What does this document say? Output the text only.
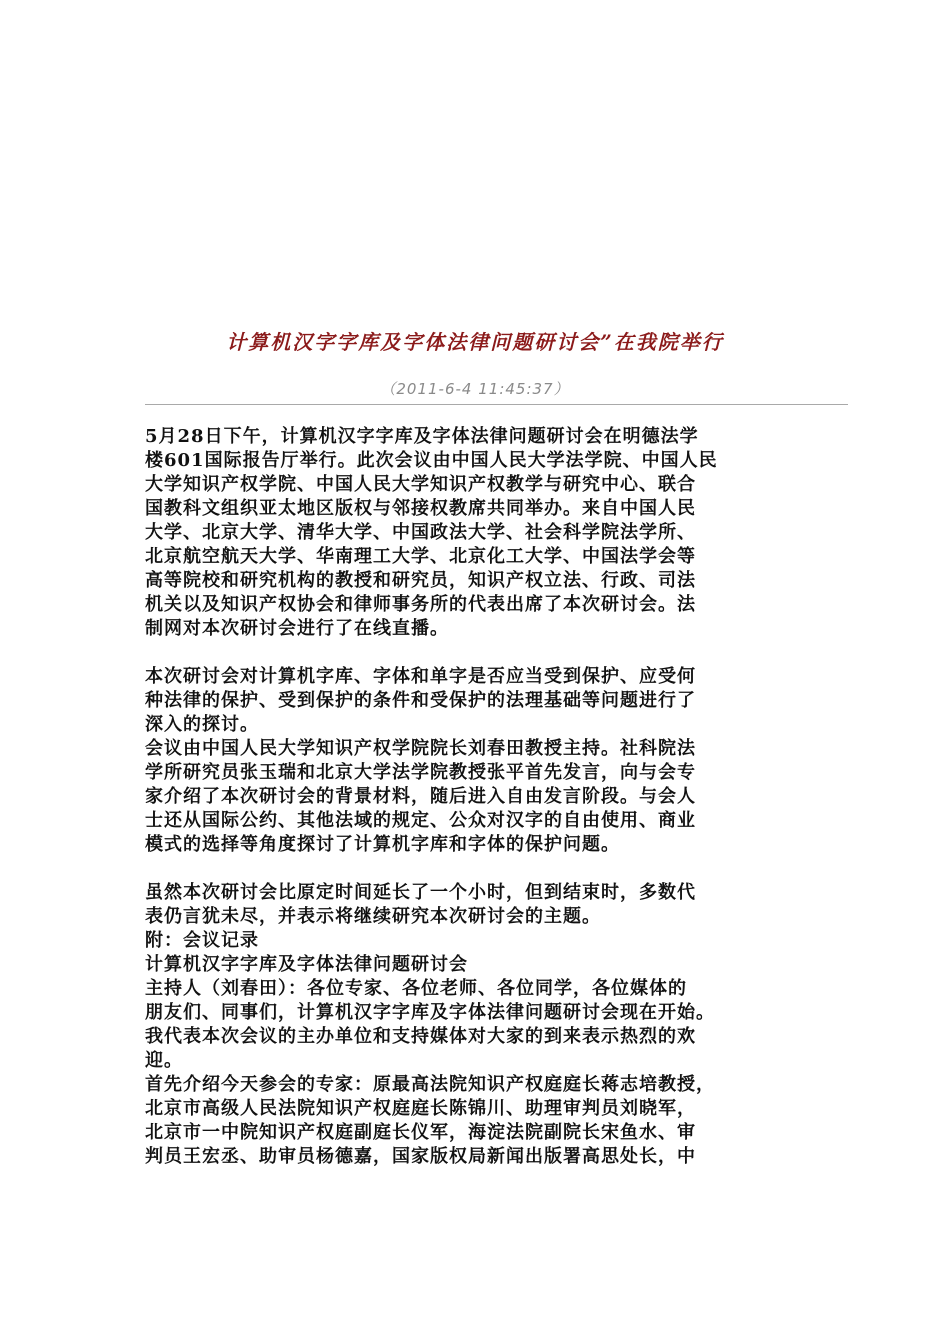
计算机汉字字库及字体法律问题研讨会”在我院举行
（2011-6-4 11:45:37）
5月28日下午，计算机汉字字库及字体法律问题研讨会在明德法学
楼601国际报告厅举行。此次会议由中国人民大学法学院、中国人民
大学知识产权学院、中国人民大学知识产权教学与研究中心、联合
国教科文组织亚太地区版权与邻接权教席共同举办。来自中国人民
大学、北京大学、清华大学、中国政法大学、社会科学院法学所、
北京航空航天大学、华南理工大学、北京化工大学、中国法学会等
高等院校和研究机构的教授和研究员，知识产权立法、行政、司法
机关以及知识产权协会和律师事务所的代表出席了本次研讨会。法
制网对本次研讨会进行了在线直播。
本次研讨会对计算机字库、字体和单字是否应当受到保护、应受何
种法律的保护、受到保护的条件和受保护的法理基础等问题进行了
深入的探讨。
会议由中国人民大学知识产权学院院长刘春田教授主持。社科院法
学所研究员张玉瑞和北京大学法学院教授张平首先发言，向与会专
家介绍了本次研讨会的背景材料，随后进入自由发言阶段。与会人
士还从国际公约、其他法域的规定、公众对汉字的自由使用、商业
模式的选择等角度探讨了计算机字库和字体的保护问题。
虽然本次研讨会比原定时间延长了一个小时，但到结束时，多数代
表仍言犹未尽，并表示将继续研究本次研讨会的主题。
附：会议记录
计算机汉字字库及字体法律问题研讨会
主持人（刘春田）：各位专家、各位老师、各位同学，各位媒体的
朋友们、同事们，计算机汉字字库及字体法律问题研讨会现在开始。
我代表本次会议的主办单位和支持媒体对大家的到来表示热烈的欢
迎。
首先介绍今天参会的专家：原最高法院知识产权庭庭长蒋志培教授，
北京市高级人民法院知识产权庭庭长陈锦川、助理审判员刘晓军，
北京市一中院知识产权庭副庭长仪军，海淀法院副院长宋鱼水、审
判员王宏丞、助审员杨德嘉，国家版权局新闻出版署高思处长，中
